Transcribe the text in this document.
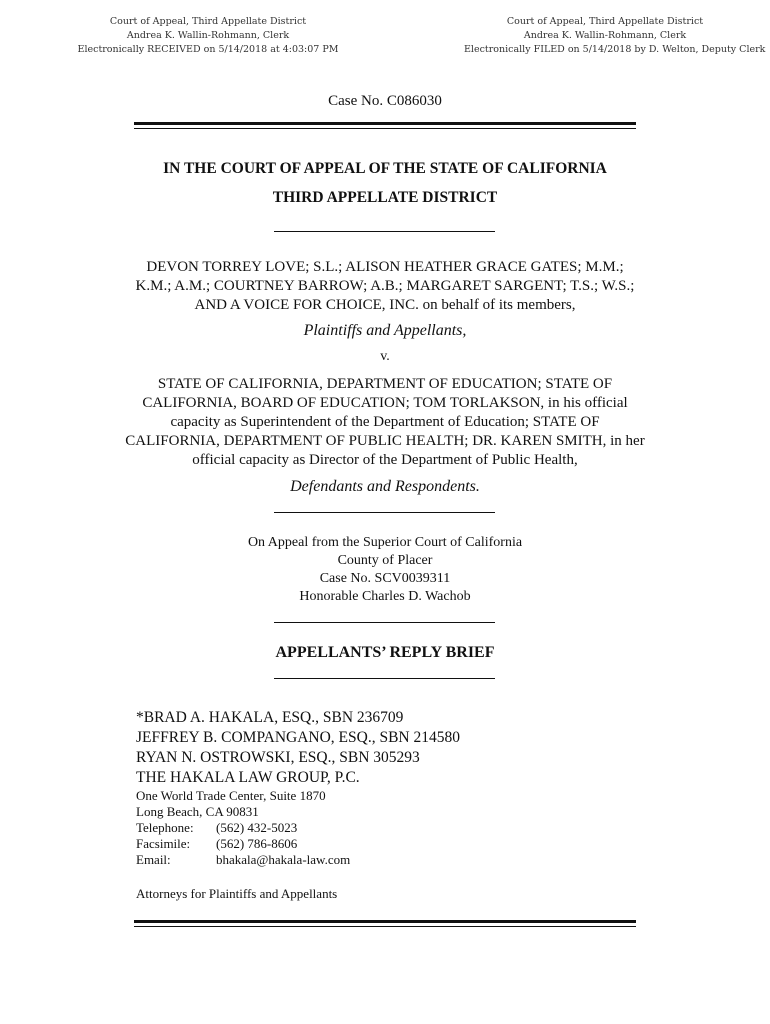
Court of Appeal, Third Appellate District
Andrea K. Wallin-Rohmann, Clerk
Electronically RECEIVED on 5/14/2018 at 4:03:07 PM
Court of Appeal, Third Appellate District
Andrea K. Wallin-Rohmann, Clerk
Electronically FILED on 5/14/2018 by D. Welton, Deputy Clerk
Case No. C086030
IN THE COURT OF APPEAL OF THE STATE OF CALIFORNIA
THIRD APPELLATE DISTRICT
DEVON TORREY LOVE; S.L.; ALISON HEATHER GRACE GATES; M.M.;
K.M.; A.M.; COURTNEY BARROW; A.B.; MARGARET SARGENT; T.S.; W.S.;
AND A VOICE FOR CHOICE, INC. on behalf of its members,
Plaintiffs and Appellants,
v.
STATE OF CALIFORNIA, DEPARTMENT OF EDUCATION; STATE OF
CALIFORNIA, BOARD OF EDUCATION; TOM TORLAKSON, in his official
capacity as Superintendent of the Department of Education; STATE OF
CALIFORNIA, DEPARTMENT OF PUBLIC HEALTH; DR. KAREN SMITH, in her
official capacity as Director of the Department of Public Health,
Defendants and Respondents.
On Appeal from the Superior Court of California
County of Placer
Case No. SCV0039311
Honorable Charles D. Wachob
APPELLANTS’ REPLY BRIEF
*BRAD A. HAKALA, ESQ., SBN 236709
JEFFREY B. COMPANGANO, ESQ., SBN 214580
RYAN N. OSTROWSKI, ESQ., SBN 305293
THE HAKALA LAW GROUP, P.C.
One World Trade Center, Suite 1870
Long Beach, CA 90831
Telephone:	(562) 432-5023
Facsimile:	(562) 786-8606
Email:	bhakala@hakala-law.com
Attorneys for Plaintiffs and Appellants
